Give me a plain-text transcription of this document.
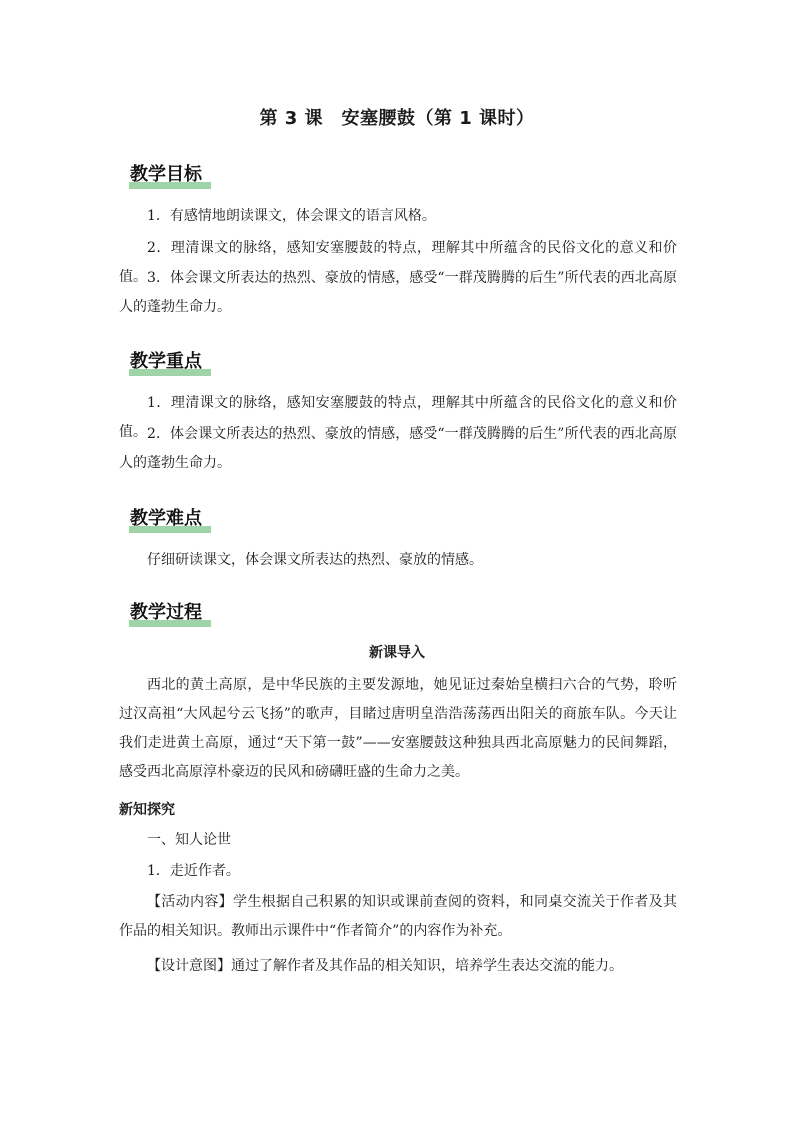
第 3 课　安塞腰鼓（第 1 课时）
教学目标
1．有感情地朗读课文，体会课文的语言风格。
2．理清课文的脉络，感知安塞腰鼓的特点，理解其中所蕴含的民俗文化的意义和价值。 3．体会课文所表达的热烈、豪放的情感，感受“一群茂腾腾的后生”所代表的西北高原人的蓬勃生命力。
教学重点
1．理清课文的脉络，感知安塞腰鼓的特点，理解其中所蕴含的民俗文化的意义和价值。 2．体会课文所表达的热烈、豪放的情感，感受“一群茂腾腾的后生”所代表的西北高原人的蓬勃生命力。
教学难点
仔细研读课文，体会课文所表达的热烈、豪放的情感。
教学过程
新课导入
西北的黄土高原，是中华民族的主要发源地，她见证过秦始皇横扫六合的气势，聆听过汉高祖“大风起兮云飞扬”的歌声，目睹过唐明皇浩浩荡荡西出阳关的商旅车队。今天让我们走进黄土高原，通过“天下第一鼓”——安塞腰鼓这种独具西北高原魅力的民间舞蹈，感受西北高原淳朴豪迈的民风和磅礴旺盛的生命力之美。
新知探究
一、知人论世
1．走近作者。
【活动内容】学生根据自己积累的知识或课前查阅的资料，和同桌交流关于作者及其作品的相关知识。教师出示课件中“作者简介”的内容作为补充。
【设计意图】通过了解作者及其作品的相关知识，培养学生表达交流的能力。
